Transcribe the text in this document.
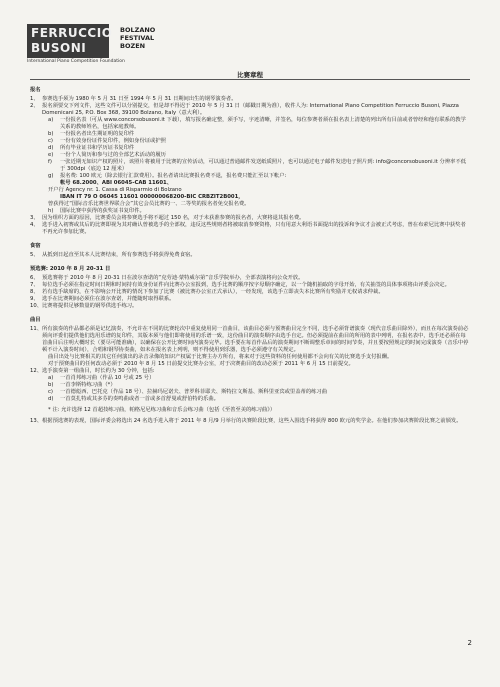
FERRUCCIO
BUSONI
International Piano Competition Foundation
BOLZANO
FESTIVAL
BOZEN
比赛章程
报名
1、 参赛选手须为 1980 年 5 月 31 日至 1994 年 5 月 31 日期间出生的钢琴演奏者。
2、 报名须要交下列文件，这些文件可以分别提交，但是却不得迟于 2010 年 5 月 31 日（邮戳日期为准），收件人为: International Piano Competition Ferruccio Busoni, Piazza Domenicani 25, P.O. Box 368, 39100 Bolzano, Italy（意大利）。
a)	一份报名表（可从 www.concorsobusoni.it 下载），填写报名确定整，须手写，字迹清晰，并签名，每位参赛者须在报名表上清楚的列出所有目前或者曾经和他有联系的教学关系的教师姓名，包括家庭教师。
b)	一份报名者出生期证明的复印件
c)	一份有效身份证件复印件，例如身份证或护照
d)	所有毕业证书和学历证书复印件
e)	一份个人简历和参与过的全部艺术活动的履历
f)	一张近期无如识产权的照片，该照片将被用于比赛的宣传活动，可以通过普通邮件发送纸质照片，也可以通过电子邮件发送电子照片到: info@concorsobusoni.it 分辨率不低于 300dpi（底边 12 厘米）
g)	报名费: 100 欧元（除去银行汇款费用）。报名者请出比赛报名费不退，报名费只能汇至以下帐户:
帐号 68.2000、ABI 06045-CAB 11601、
开户行 Agency nr. 1. Cassa di Risparmio di Bolzano
IBAN IT 79 O 06045 11601 000000068200-BIC CRBZIT2B001，
曾获得过“国际音乐比赛世界联合会”其它会员比赛的一、二等奖的报名者免交报名费。
h)	国际比赛中获得的获奖证书复印件。
3、 因为组织方面的原因，比赛委员会将参赛选手将不超过 150 名，对于未获准参赛的报名者，大赛将退其报名费。
4、 选手进入初赛或其后的比赛即视为其对确认曾被选手的全部权，违反这些规则者将被取消参赛资格，只有用意大利语书面提出的投诉和争议才会被正式考虑，曾在布索尼比赛中获奖者不再允许参加比赛。
食宿
5、 从抵到日起直至其本人比赛结束，所有参赛选手将获得免费食宿。
预选赛: 2010 年 8 月 20-31 日
6、 预选赛将于 2010 年 8 月 20-31 日在波尔查诺的“克劳迪·蒙特威尔第”音乐学院举办，全部表演将向公众开放。
7、 每位选手必须在指定时间日期和时间持有效身份证件向比赛办公室报到，选手比赛的顺序按字母顺序确定，以一个随机抽取的字母开始，有关抽签的具体事项将由评委会决定。
8、 若有选手缺席的，在不影响公开比赛的情况下参加了比赛（被比赛办公室正式承认），一经发现，该选手立即丧失本比赛所有奖励并无权请求仲裁。
9、 选手在比赛期间必须住在波尔查诺，并能随时取得联系。
10、 比赛将提供足够数量的钢琴供选手练习。
曲目
11、 所有演奏的作品都必须是记忆演奏，不允许在不同的比赛轮次中重复使用同一首曲目，该曲目必须与预赛曲目完全不同，选手必须背谱演奏（现代音乐曲目除外），而且在每次演奏前必须向评委们提供他们选用乐谱的复印件，其版本须与他们即将使用的乐谱一致，这份曲目的演奏顺序由选手自定。但必须提前在曲目的所用的表中列明，在报名表中，选手还必须在每首曲目后注明大概时长（要尽可能准确），以确保在公开比赛时间内演奏完毕。选手要在每首作品后的演奏期间不断调整乐章间的时间节奏，并且要按照规定的时间完成演奏（音乐中停顿不计入演奏时间），合唱和钢琴协奏曲，如未在报名表上列明，则不得使用到乐器，选手必须遵守有关规定。
曲目出处与比赛相关的其它任何演出的录音录像的知识产权属于比赛主办方所有，将来对于这些资料的任何使用都不会向有关的比赛选手支付报酬。
对于预赛曲目的任何改动必须于 2010 年 8 月 15 日前提交比赛办公室，对于决赛曲目的改动必须于 2011 年 6 月 15 日前提交。
12、 选手演奏第一组曲目，时长约为 30 分钟，包括:
a)	一首肖邦练习曲（作品 10 号或 25 号）
b)	一首李斯特练习曲（*）
c)	一首德彪西、巴托克（作品 18 号）、拉赫玛尼诺夫、普罗科菲耶夫、斯特拉文斯基、斯科里亚宾或里盖蒂的练习曲
d)	一首莫扎特或其多芬的奏鸣曲或者一首或多首舒曼或舒伯特的乐曲。
* 注: 允许选择 12 首超技练习曲，帕格尼尼练习曲和音乐会练习曲（包括《至善至美的练习曲》）
13、 根据预选赛的表现，国际评委会将选出 24 名选手进入将于 2011 年 8 月/9 月举行的决赛阶段比赛，这些入围选手将获得 800 欧元的奖学金。在他们参加决赛阶段比赛之前颁发。
2
